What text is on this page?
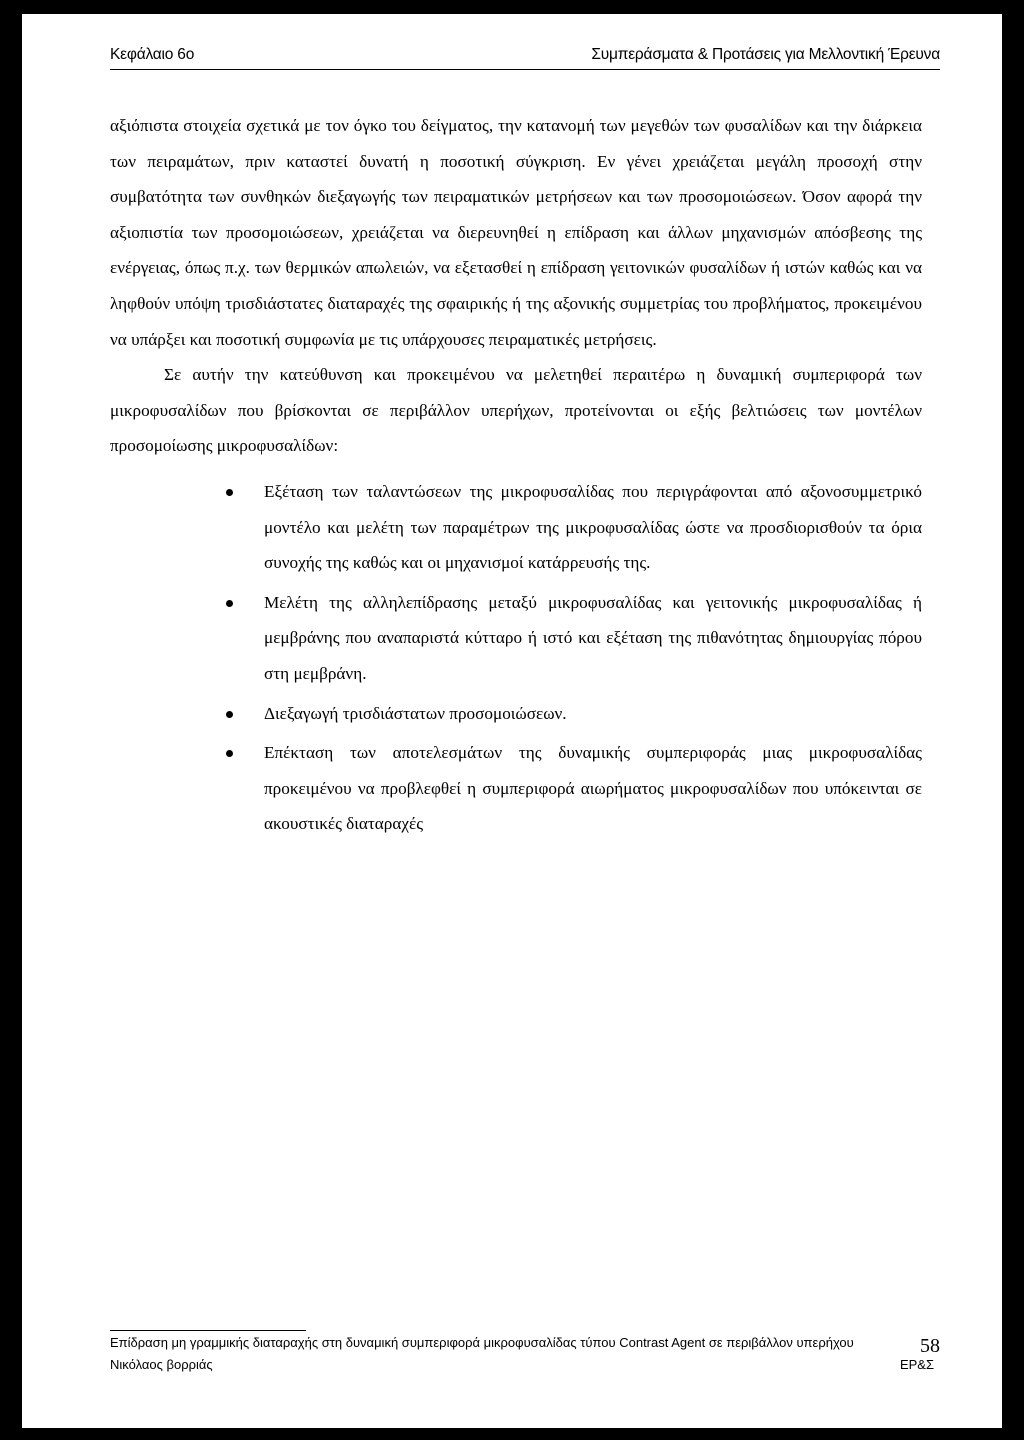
Κεφάλαιο 6ο	Συμπεράσματα & Προτάσεις για Μελλοντική Έρευνα

αξιόπιστα στοιχεία σχετικά με τον όγκο του δείγματος, την κατανομή των μεγεθών των φυσαλίδων και την διάρκεια των πειραμάτων, πριν καταστεί δυνατή η ποσοτική σύγκριση. Εν γένει χρειάζεται μεγάλη προσοχή στην συμβατότητα των συνθηκών διεξαγωγής των πειραματικών μετρήσεων και των προσομοιώσεων. Όσον αφορά την αξιοπιστία των προσομοιώσεων, χρειάζεται να διερευνηθεί η επίδραση και άλλων μηχανισμών απόσβεσης της ενέργειας, όπως π.χ. των θερμικών απωλειών, να εξετασθεί η επίδραση γειτονικών φυσαλίδων ή ιστών καθώς και να ληφθούν υπόψη τρισδιάστατες διαταραχές της σφαιρικής ή της αξονικής συμμετρίας του προβλήματος, προκειμένου να υπάρξει και ποσοτική συμφωνία με τις υπάρχουσες πειραματικές μετρήσεις.

Σε αυτήν την κατεύθυνση και προκειμένου να μελετηθεί περαιτέρω η δυναμική συμπεριφορά των μικροφυσαλίδων που βρίσκονται σε περιβάλλον υπερήχων, προτείνονται οι εξής βελτιώσεις των μοντέλων προσομοίωσης μικροφυσαλίδων:

Εξέταση των ταλαντώσεων της μικροφυσαλίδας που περιγράφονται από αξονοσυμμετρικό μοντέλο και μελέτη των παραμέτρων της μικροφυσαλίδας ώστε να προσδιορισθούν τα όρια συνοχής της καθώς και οι μηχανισμοί κατάρρευσής της.
Μελέτη της αλληλεπίδρασης μεταξύ μικροφυσαλίδας και γειτονικής μικροφυσαλίδας ή μεμβράνης που αναπαριστά κύτταρο ή ιστό και εξέταση της πιθανότητας δημιουργίας πόρου στη μεμβράνη.
Διεξαγωγή τρισδιάστατων προσομοιώσεων.
Επέκταση των αποτελεσμάτων της δυναμικής συμπεριφοράς μιας μικροφυσαλίδας προκειμένου να προβλεφθεί η συμπεριφορά αιωρήματος μικροφυσαλίδων που υπόκεινται σε ακουστικές διαταραχές
Επίδραση μη γραμμικής διαταραχής στη δυναμική συμπεριφορά μικροφυσαλίδας τύπου Contrast Agent σε περιβάλλον υπερήχου	58
Νικόλαος βορριάς	ΕΡ&Σ
